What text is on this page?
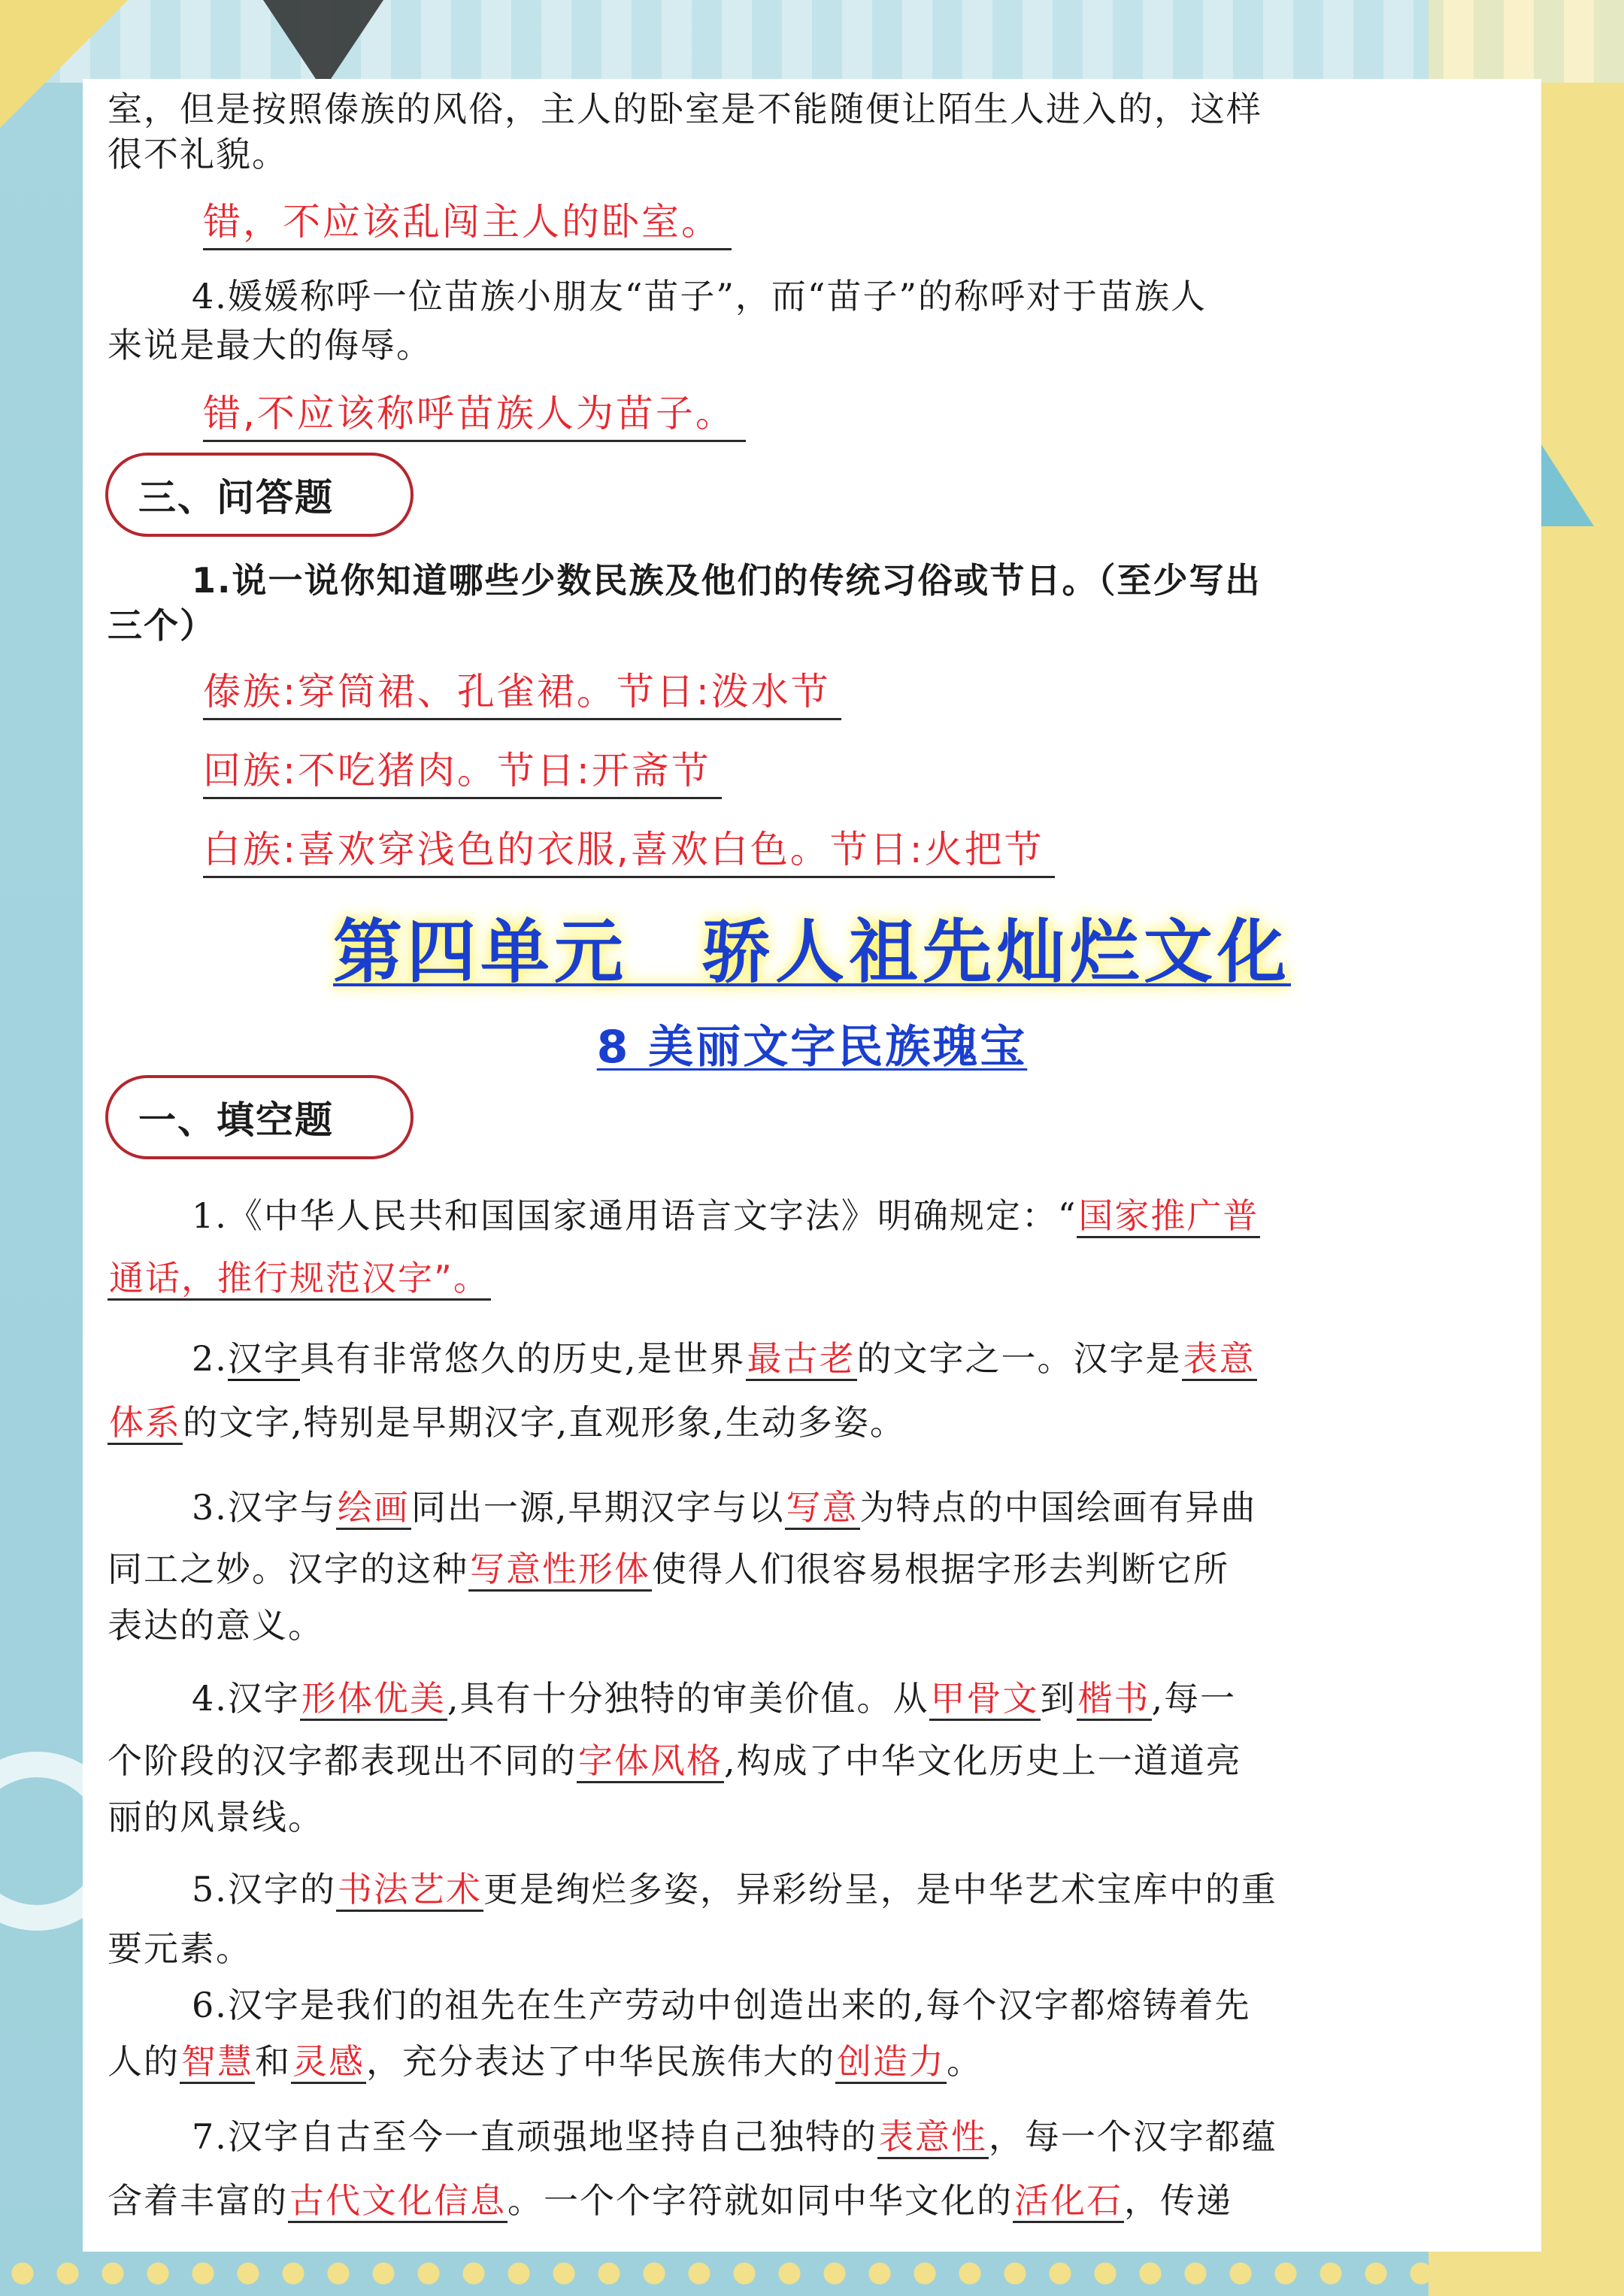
室，但是按照傣族的风俗，主人的卧室是不能随便让陌生人进入的，这样
很不礼貌。
错，不应该乱闯主人的卧室。
4.媛媛称呼一位苗族小朋友“苗子”，而“苗子”的称呼对于苗族人
来说是最大的侮辱。
错,不应该称呼苗族人为苗子。
三、问答题
1.说一说你知道哪些少数民族及他们的传统习俗或节日。（至少写出
三个）
傣族:穿筒裙、孔雀裙。节日:泼水节
回族:不吃猪肉。节日:开斋节
白族:喜欢穿浅色的衣服,喜欢白色。节日:火把节
第四单元　骄人祖先灿烂文化
8 美丽文字民族瑰宝
一、填空题
1.《中华人民共和国国家通用语言文字法》明确规定：“国家推广普
通话，推行规范汉字”。
2.汉字具有非常悠久的历史,是世界最古老的文字之一。汉字是表意
体系的文字,特别是早期汉字,直观形象,生动多姿。
3.汉字与绘画同出一源,早期汉字与以写意为特点的中国绘画有异曲
同工之妙。汉字的这种写意性形体使得人们很容易根据字形去判断它所
表达的意义。
4.汉字形体优美,具有十分独特的审美价值。从甲骨文到楷书,每一
个阶段的汉字都表现出不同的字体风格,构成了中华文化历史上一道道亮
丽的风景线。
5.汉字的书法艺术更是绚烂多姿，异彩纷呈，是中华艺术宝库中的重
要元素。
6.汉字是我们的祖先在生产劳动中创造出来的,每个汉字都熔铸着先
人的智慧和灵感，充分表达了中华民族伟大的创造力。
7.汉字自古至今一直顽强地坚持自己独特的表意性，每一个汉字都蕴
含着丰富的古代文化信息。一个个字符就如同中华文化的活化石，传递
